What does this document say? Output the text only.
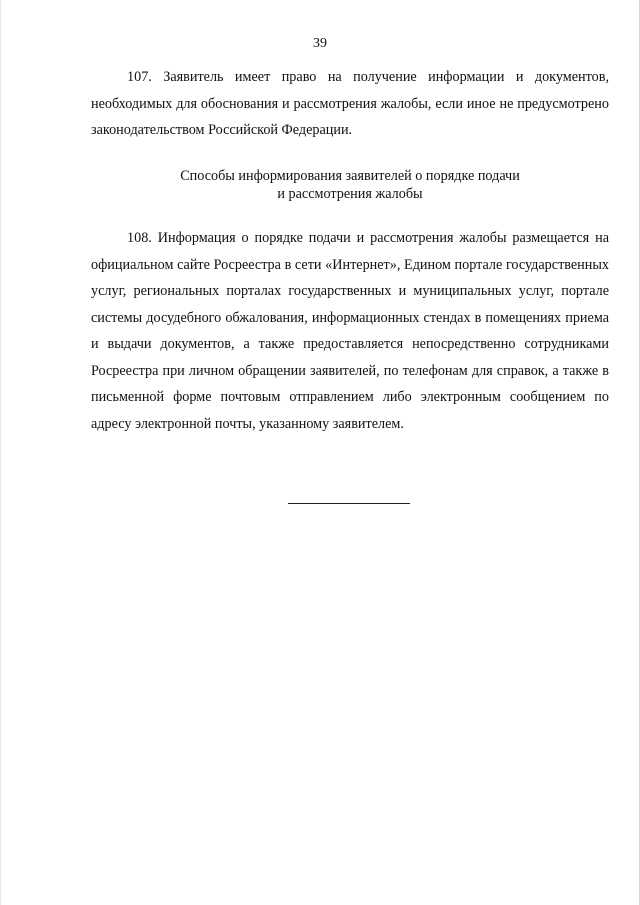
39

107. Заявитель имеет право на получение информации и документов, необходимых для обоснования и рассмотрения жалобы, если иное не предусмотрено законодательством Российской Федерации.

Способы информирования заявителей о порядке подачи
и рассмотрения жалобы

108. Информация о порядке подачи и рассмотрения жалобы размещается на официальном сайте Росреестра в сети «Интернет», Едином портале государственных услуг, региональных порталах государственных и муниципальных услуг, портале системы досудебного обжалования, информационных стендах в помещениях приема и выдачи документов, а также предоставляется непосредственно сотрудниками Росреестра при личном обращении заявителей, по телефонам для справок, а также в письменной форме почтовым отправлением либо электронным сообщением по адресу электронной почты, указанному заявителем.
